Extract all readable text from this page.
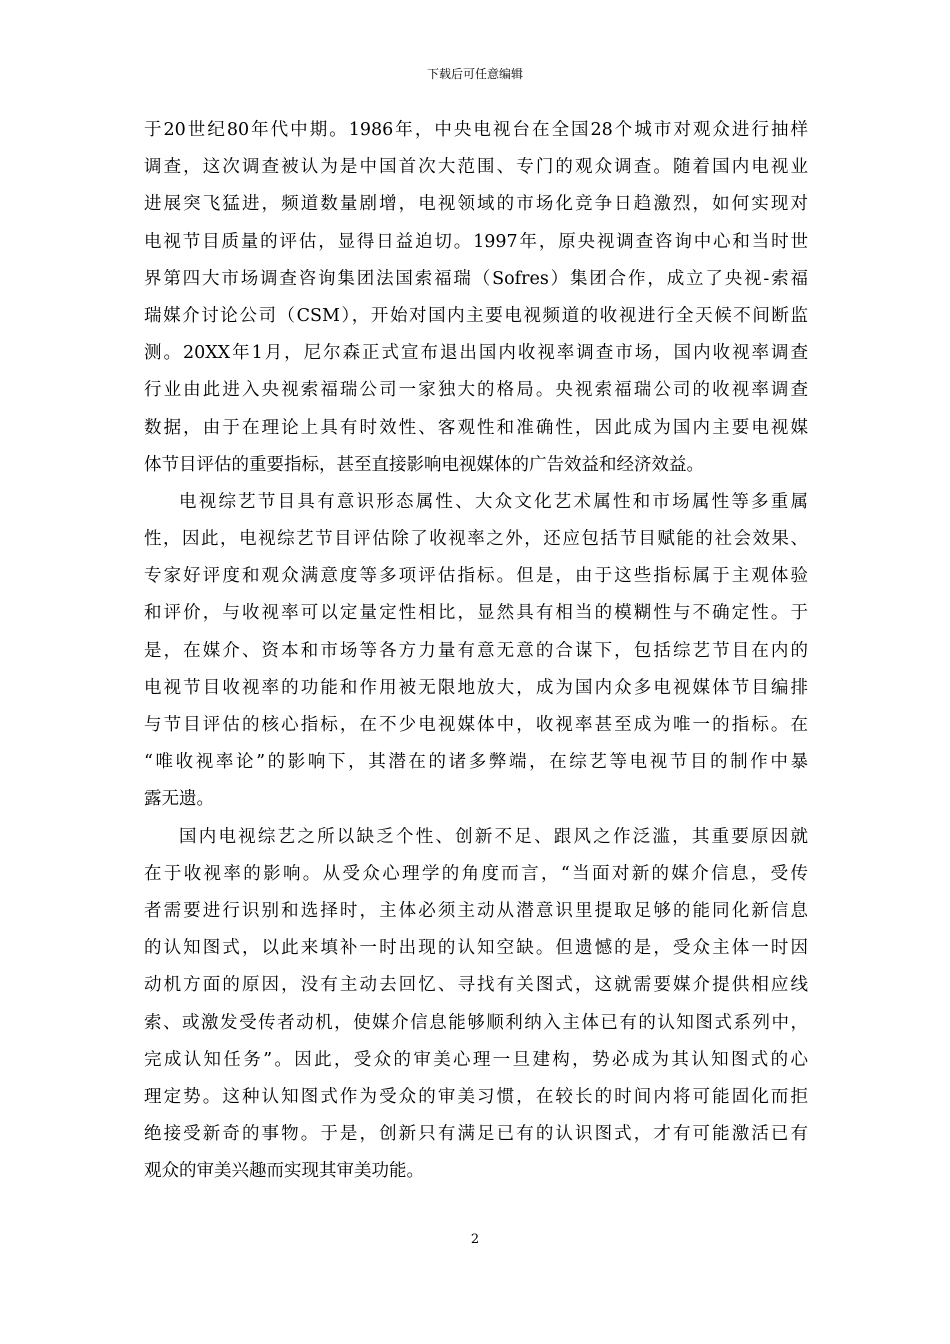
下载后可任意编辑
于20世纪80年代中期。1986年，中央电视台在全国28个城市对观众进行抽样
调查，这次调查被认为是中国首次大范围、专门的观众调查。随着国内电视业
进展突飞猛进，频道数量剧增，电视领域的市场化竞争日趋激烈，如何实现对
电视节目质量的评估，显得日益迫切。1997年，原央视调查咨询中心和当时世
界第四大市场调查咨询集团法国索福瑞（Sofres）集团合作，成立了央视-索福
瑞媒介讨论公司（CSM），开始对国内主要电视频道的收视进行全天候不间断监
测。20XX年1月，尼尔森正式宣布退出国内收视率调查市场，国内收视率调查
行业由此进入央视索福瑞公司一家独大的格局。央视索福瑞公司的收视率调查
数据，由于在理论上具有时效性、客观性和准确性，因此成为国内主要电视媒
体节目评估的重要指标，甚至直接影响电视媒体的广告效益和经济效益。
电视综艺节目具有意识形态属性、大众文化艺术属性和市场属性等多重属
性，因此，电视综艺节目评估除了收视率之外，还应包括节目赋能的社会效果、
专家好评度和观众满意度等多项评估指标。但是，由于这些指标属于主观体验
和评价，与收视率可以定量定性相比，显然具有相当的模糊性与不确定性。于
是，在媒介、资本和市场等各方力量有意无意的合谋下，包括综艺节目在内的
电视节目收视率的功能和作用被无限地放大，成为国内众多电视媒体节目编排
与节目评估的核心指标，在不少电视媒体中，收视率甚至成为唯一的指标。在
“唯收视率论”的影响下，其潜在的诸多弊端，在综艺等电视节目的制作中暴
露无遗。
国内电视综艺之所以缺乏个性、创新不足、跟风之作泛滥，其重要原因就
在于收视率的影响。从受众心理学的角度而言，“当面对新的媒介信息，受传
者需要进行识别和选择时，主体必须主动从潜意识里提取足够的能同化新信息
的认知图式，以此来填补一时出现的认知空缺。但遗憾的是，受众主体一时因
动机方面的原因，没有主动去回忆、寻找有关图式，这就需要媒介提供相应线
索、或激发受传者动机，使媒介信息能够顺利纳入主体已有的认知图式系列中，
完成认知任务”。因此，受众的审美心理一旦建构，势必成为其认知图式的心
理定势。这种认知图式作为受众的审美习惯，在较长的时间内将可能固化而拒
绝接受新奇的事物。于是，创新只有满足已有的认识图式，才有可能激活已有
观众的审美兴趣而实现其审美功能。
2
